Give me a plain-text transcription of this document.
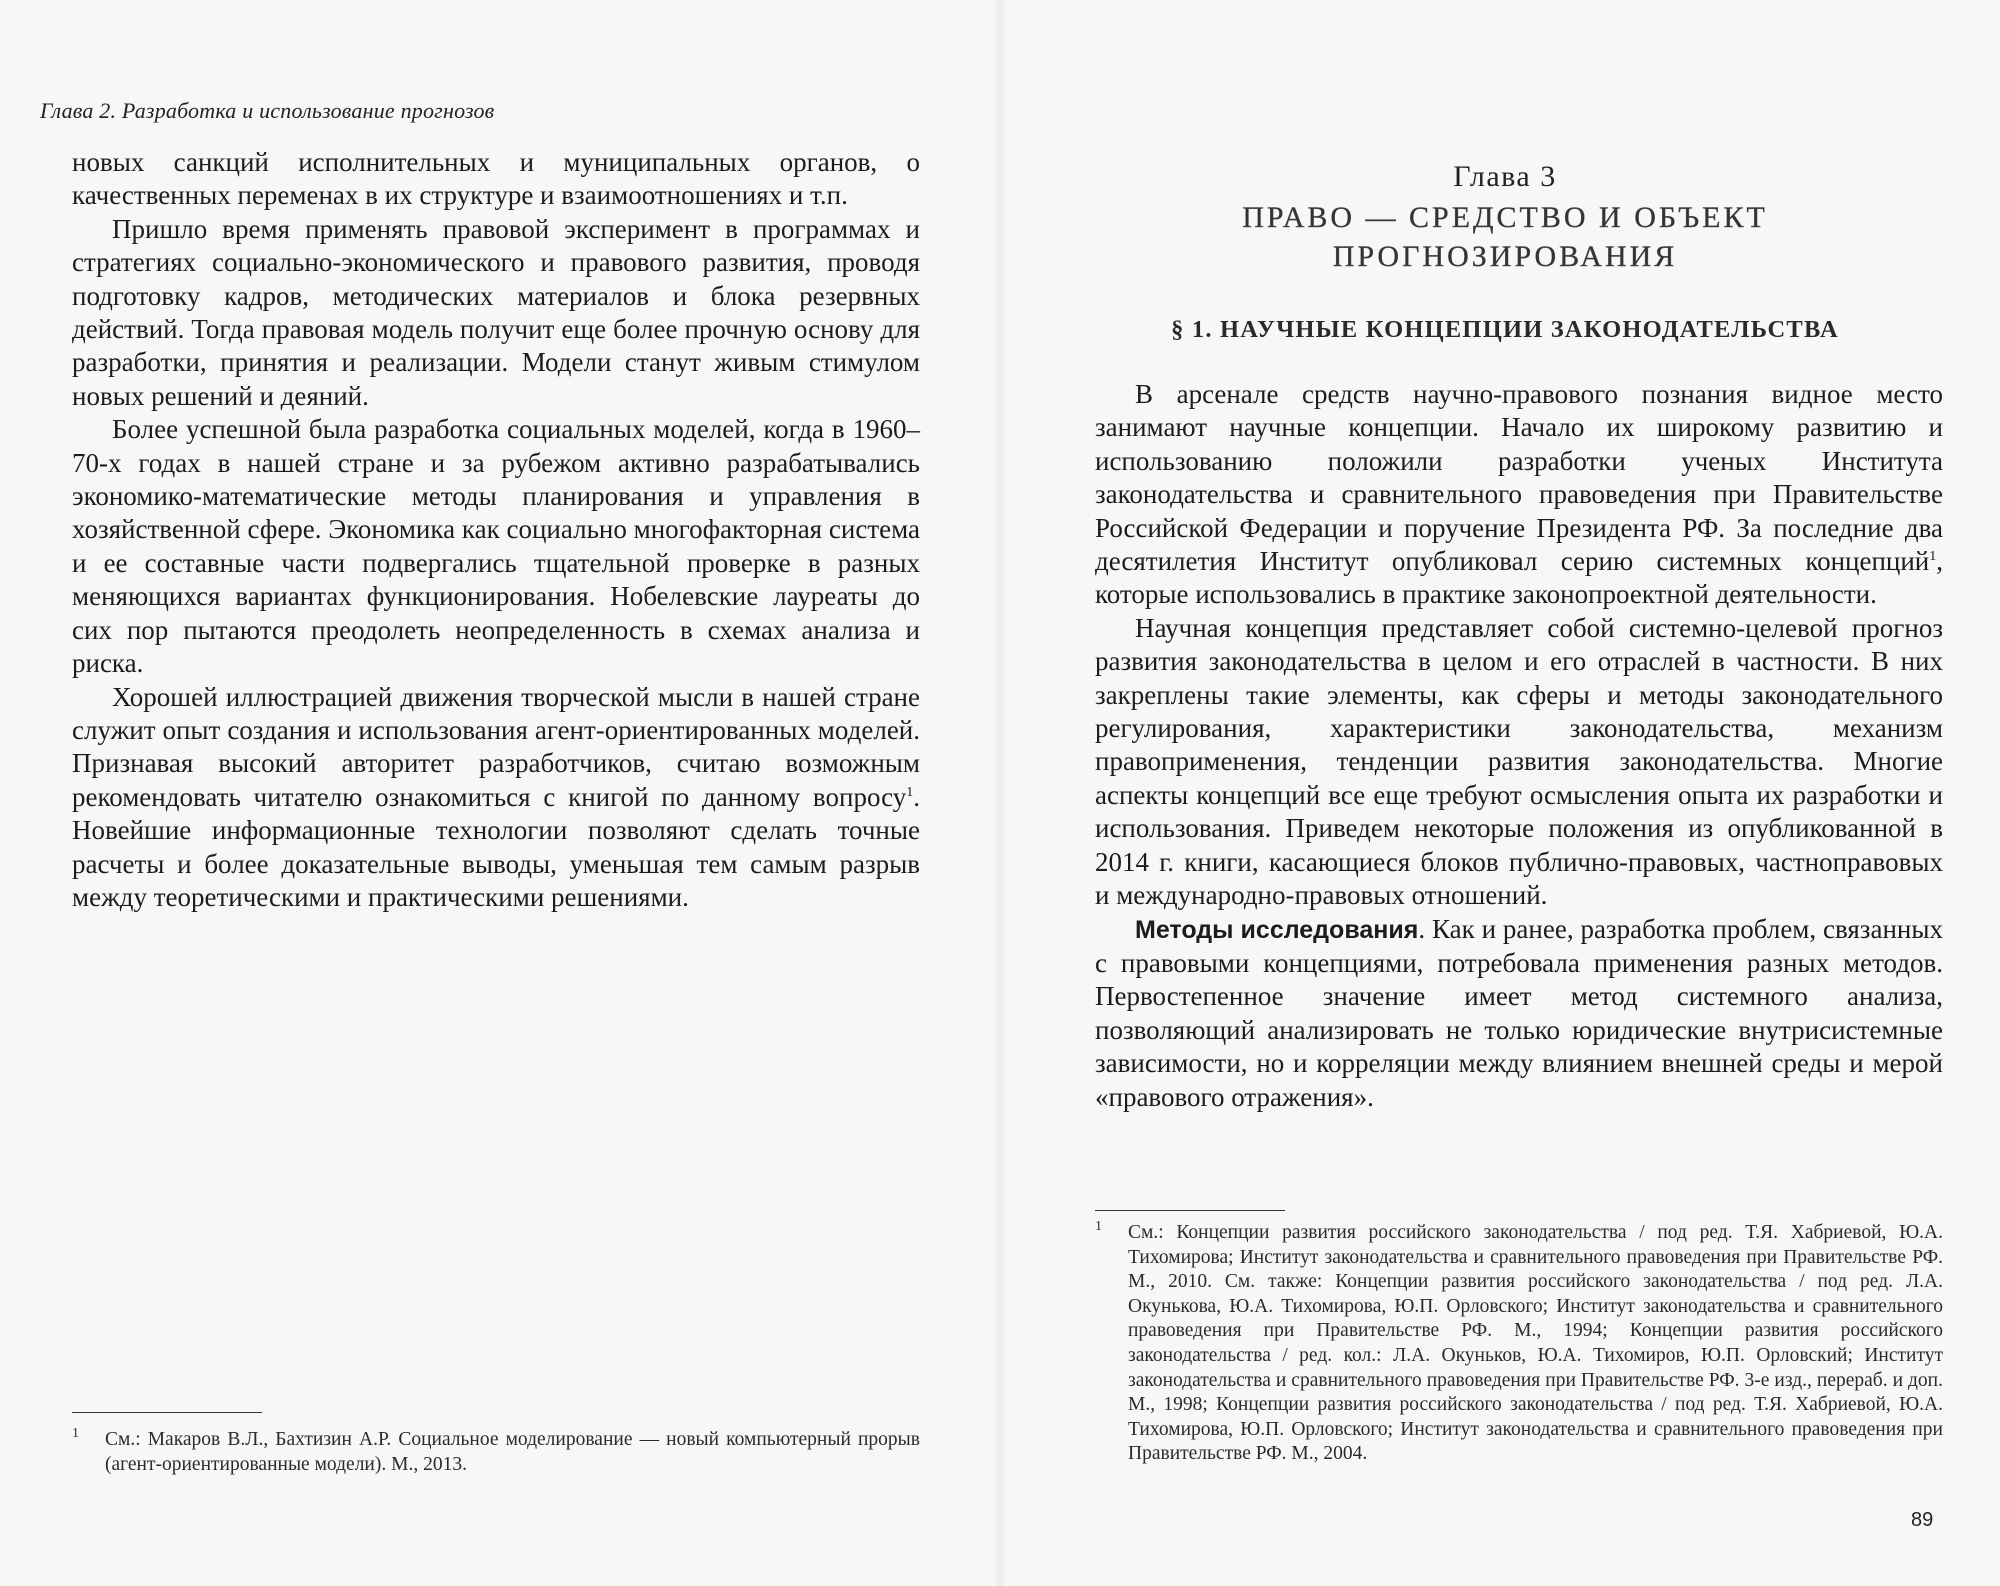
Глава 2. Разработка и использование прогнозов

новых санкций исполнительных и муниципальных органов, о качественных переменах в их структуре и взаимоотношениях и т.п.

Пришло время применять правовой эксперимент в программах и стратегиях социально-экономического и правового развития, проводя подготовку кадров, методических материалов и блока резервных действий. Тогда правовая модель получит еще более прочную основу для разработки, принятия и реализации. Модели станут живым стимулом новых решений и деяний.

Более успешной была разработка социальных моделей, когда в 1960–70-х годах в нашей стране и за рубежом активно разрабатывались экономико-математические методы планирования и управления в хозяйственной сфере. Экономика как социально многофакторная система и ее составные части подвергались тщательной проверке в разных меняющихся вариантах функционирования. Нобелевские лауреаты до сих пор пытаются преодолеть неопределенность в схемах анализа и риска.

Хорошей иллюстрацией движения творческой мысли в нашей стране служит опыт создания и использования агент-ориентированных моделей. Признавая высокий авторитет разработчиков, считаю возможным рекомендовать читателю ознакомиться с книгой по данному вопросу$^1$. Новейшие информационные технологии позволяют сделать точные расчеты и более доказательные выводы, уменьшая тем самым разрыв между теоретическими и практическими решениями.

1 См.: Макаров В.Л., Бахтизин А.Р. Социальное моделирование — новый компьютерный прорыв (агент-ориентированные модели). М., 2013.
Глава 3
ПРАВО — СРЕДСТВО И ОБЪЕКТ
ПРОГНОЗИРОВАНИЯ
§ 1. НАУЧНЫЕ КОНЦЕПЦИИ ЗАКОНОДАТЕЛЬСТВА

В арсенале средств научно-правового познания видное место занимают научные концепции. Начало их широкому развитию и использованию положили разработки ученых Института законодательства и сравнительного правоведения при Правительстве Российской Федерации и поручение Президента РФ. За последние два десятилетия Институт опубликовал серию системных концепций$^1$, которые использовались в практике законопроектной деятельности.

Научная концепция представляет собой системно-целевой прогноз развития законодательства в целом и его отраслей в частности. В них закреплены такие элементы, как сферы и методы законодательного регулирования, характеристики законодательства, механизм правоприменения, тенденции развития законодательства. Многие аспекты концепций все еще требуют осмысления опыта их разработки и использования. Приведем некоторые положения из опубликованной в 2014 г. книги, касающиеся блоков публично-правовых, частноправовых и международно-правовых отношений.

Методы исследования. Как и ранее, разработка проблем, связанных с правовыми концепциями, потребовала применения разных методов. Первостепенное значение имеет метод системного анализа, позволяющий анализировать не только юридические внутрисистемные зависимости, но и корреляции между влиянием внешней среды и мерой «правового отражения».

1 См.: Концепции развития российского законодательства / под ред. Т.Я. Хабриевой, Ю.А. Тихомирова; Институт законодательства и сравнительного правоведения при Правительстве РФ. М., 2010. См. также: Концепции развития российского законодательства / под ред. Л.А. Окунькова, Ю.А. Тихомирова, Ю.П. Орловского; Институт законодательства и сравнительного правоведения при Правительстве РФ. М., 1994; Концепции развития российского законодательства / ред. кол.: Л.А. Окуньков, Ю.А. Тихомиров, Ю.П. Орловский; Институт законодательства и сравнительного правоведения при Правительстве РФ. 3-е изд., перераб. и доп. М., 1998; Концепции развития российского законодательства / под ред. Т.Я. Хабриевой, Ю.А. Тихомирова, Ю.П. Орловского; Институт законодательства и сравнительного правоведения при Правительстве РФ. М., 2004.
89
